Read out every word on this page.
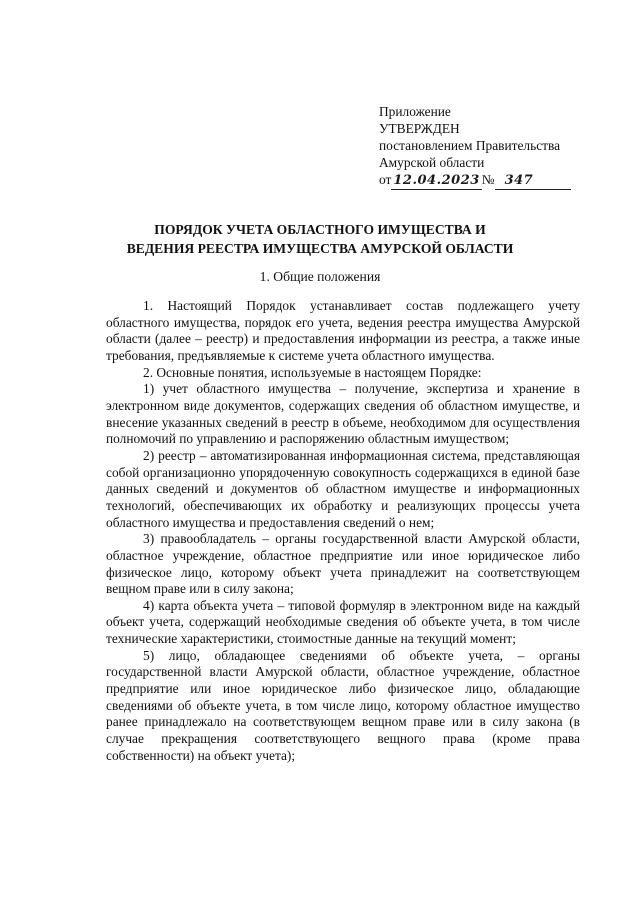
Приложение
УТВЕРЖДЕН
постановлением Правительства
Амурской области
от 12.04.2023 № 347
ПОРЯДОК УЧЕТА ОБЛАСТНОГО ИМУЩЕСТВА И
ВЕДЕНИЯ РЕЕСТРА ИМУЩЕСТВА АМУРСКОЙ ОБЛАСТИ
1. Общие положения

1. Настоящий Порядок устанавливает состав подлежащего учету областного имущества, порядок его учета, ведения реестра имущества Амурской области (далее – реестр) и предоставления информации из реестра, а также иные требования, предъявляемые к системе учета областного имущества.

2. Основные понятия, используемые в настоящем Порядке:

1) учет областного имущества – получение, экспертиза и хранение в электронном виде документов, содержащих сведения об областном имуществе, и внесение указанных сведений в реестр в объеме, необходимом для осуществления полномочий по управлению и распоряжению областным имуществом;

2) реестр – автоматизированная информационная система, представляющая собой организационно упорядоченную совокупность содержащихся в единой базе данных сведений и документов об областном имуществе и информационных технологий, обеспечивающих их обработку и реализующих процессы учета областного имущества и предоставления сведений о нем;

3) правообладатель – органы государственной власти Амурской области, областное учреждение, областное предприятие или иное юридическое либо физическое лицо, которому объект учета принадлежит на соответствующем вещном праве или в силу закона;

4) карта объекта учета – типовой формуляр в электронном виде на каждый объект учета, содержащий необходимые сведения об объекте учета, в том числе технические характеристики, стоимостные данные на текущий момент;

5) лицо, обладающее сведениями об объекте учета, – органы государственной власти Амурской области, областное учреждение, областное предприятие или иное юридическое либо физическое лицо, обладающие сведениями об объекте учета, в том числе лицо, которому областное имущество ранее принадлежало на соответствующем вещном праве или в силу закона (в случае прекращения соответствующего вещного права (кроме права собственности) на объект учета);
